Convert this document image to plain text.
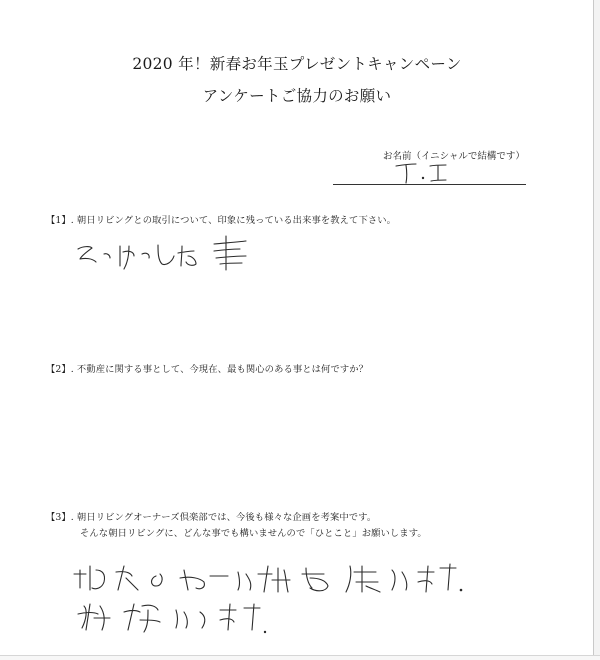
2020 年！新春お年玉プレゼントキャンペーン
アンケートご協力のお願い
お名前（イニシャルで結構です）
【1】. 朝日リビングとの取引について、印象に残っている出来事を教えて下さい。
【2】. 不動産に関する事として、今現在、最も関心のある事とは何ですか？
【3】. 朝日リビングオーナーズ倶楽部では、今後も様々な企画を考案中です。
そんな朝日リビングに、どんな事でも構いませんので「ひとこと」お願いします。
